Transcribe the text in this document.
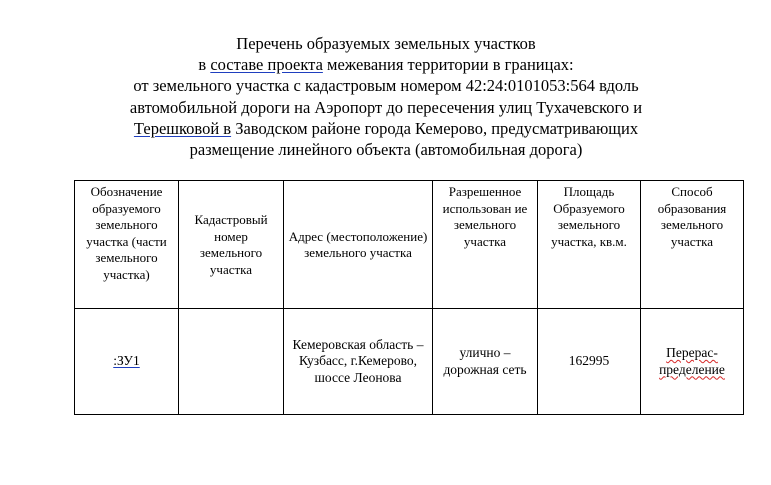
Перечень образуемых земельных участков
в составе проекта межевания территории в границах:
от земельного участка с кадастровым номером 42:24:0101053:564 вдоль
автомобильной дороги на Аэропорт до пересечения улиц Тухачевского и
Терешковой в Заводском районе города Кемерово, предусматривающих
размещение линейного объекта (автомобильная дорога)
Обозначение образуемого земельного участка (части земельного участка)	Кадастровый номер земельного участка	Адрес (местоположение) земельного участка	Разрешенное использован ие земельного участка	Площадь Образуемого земельного участка, кв.м.	Способ образования земельного участка
:ЗУ1		Кемеровская область – Кузбасс, г.Кемерово, шоссе Леонова	улично – дорожная сеть	162995	Перерас-пределение
